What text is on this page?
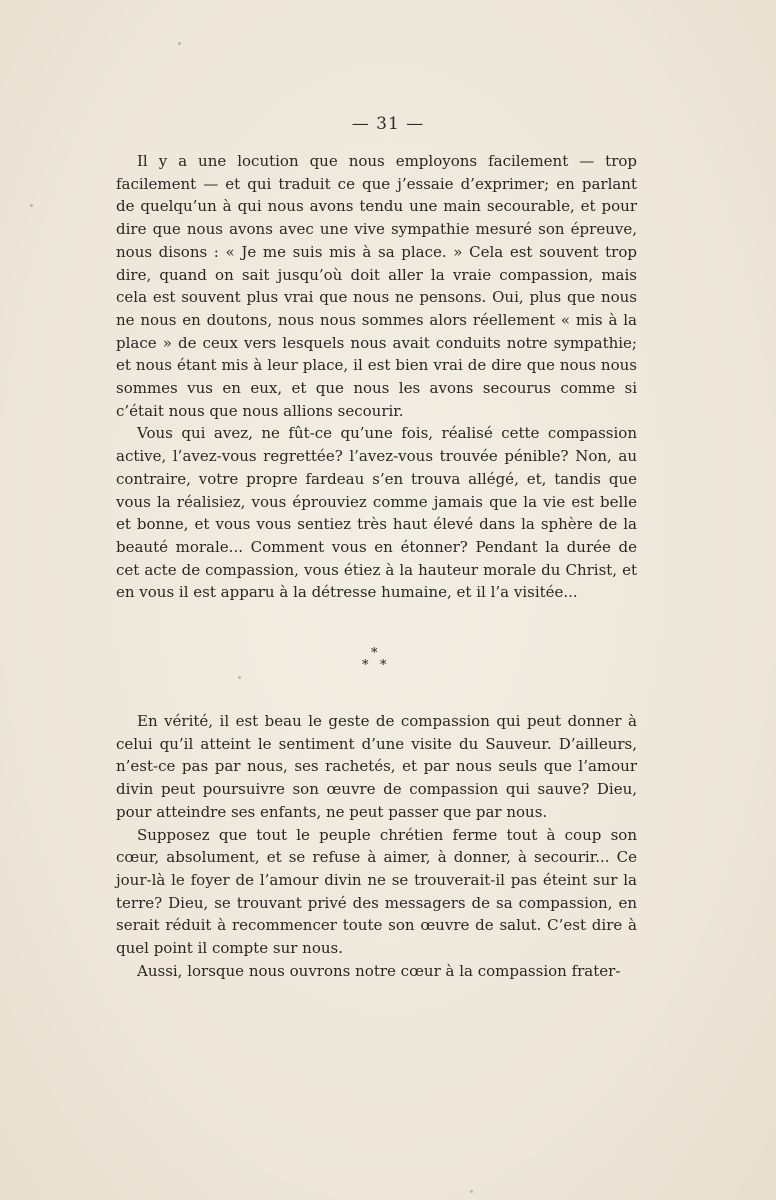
— 31 —

Il y a une locution que nous employons facilement — trop facilement — et qui traduit ce que j’essaie d’exprimer; en parlant de quelqu’un à qui nous avons tendu une main secourable, et pour dire que nous avons avec une vive sympathie mesuré son épreuve, nous disons : « Je me suis mis à sa place. » Cela est souvent trop dire, quand on sait jusqu’où doit aller la vraie compassion, mais cela est souvent plus vrai que nous ne pensons. Oui, plus que nous ne nous en doutons, nous nous sommes alors réellement « mis à la place » de ceux vers lesquels nous avait conduits notre sympathie; et nous étant mis à leur place, il est bien vrai de dire que nous nous sommes vus en eux, et que nous les avons secourus comme si c’était nous que nous allions secourir.

Vous qui avez, ne fût-ce qu’une fois, réalisé cette compassion active, l’avez-vous regrettée? l’avez-vous trouvée pénible? Non, au contraire, votre propre fardeau s’en trouva allégé, et, tandis que vous la réalisiez, vous éprouviez comme jamais que la vie est belle et bonne, et vous vous sentiez très haut élevé dans la sphère de la beauté morale... Comment vous en étonner? Pendant la durée de cet acte de compassion, vous étiez à la hauteur morale du Christ, et en vous il est apparu à la détresse humaine, et il l’a visitée...

*
* *

En vérité, il est beau le geste de compassion qui peut donner à celui qu’il atteint le sentiment d’une visite du Sauveur. D’ailleurs, n’est-ce pas par nous, ses rachetés, et par nous seuls que l’amour divin peut poursuivre son œuvre de compassion qui sauve? Dieu, pour atteindre ses enfants, ne peut passer que par nous.

Supposez que tout le peuple chrétien ferme tout à coup son cœur, absolument, et se refuse à aimer, à donner, à secourir... Ce jour-là le foyer de l’amour divin ne se trouverait-il pas éteint sur la terre? Dieu, se trouvant privé des messagers de sa compassion, en serait réduit à recommencer toute son œuvre de salut. C’est dire à quel point il compte sur nous.

Aussi, lorsque nous ouvrons notre cœur à la compassion frater-
